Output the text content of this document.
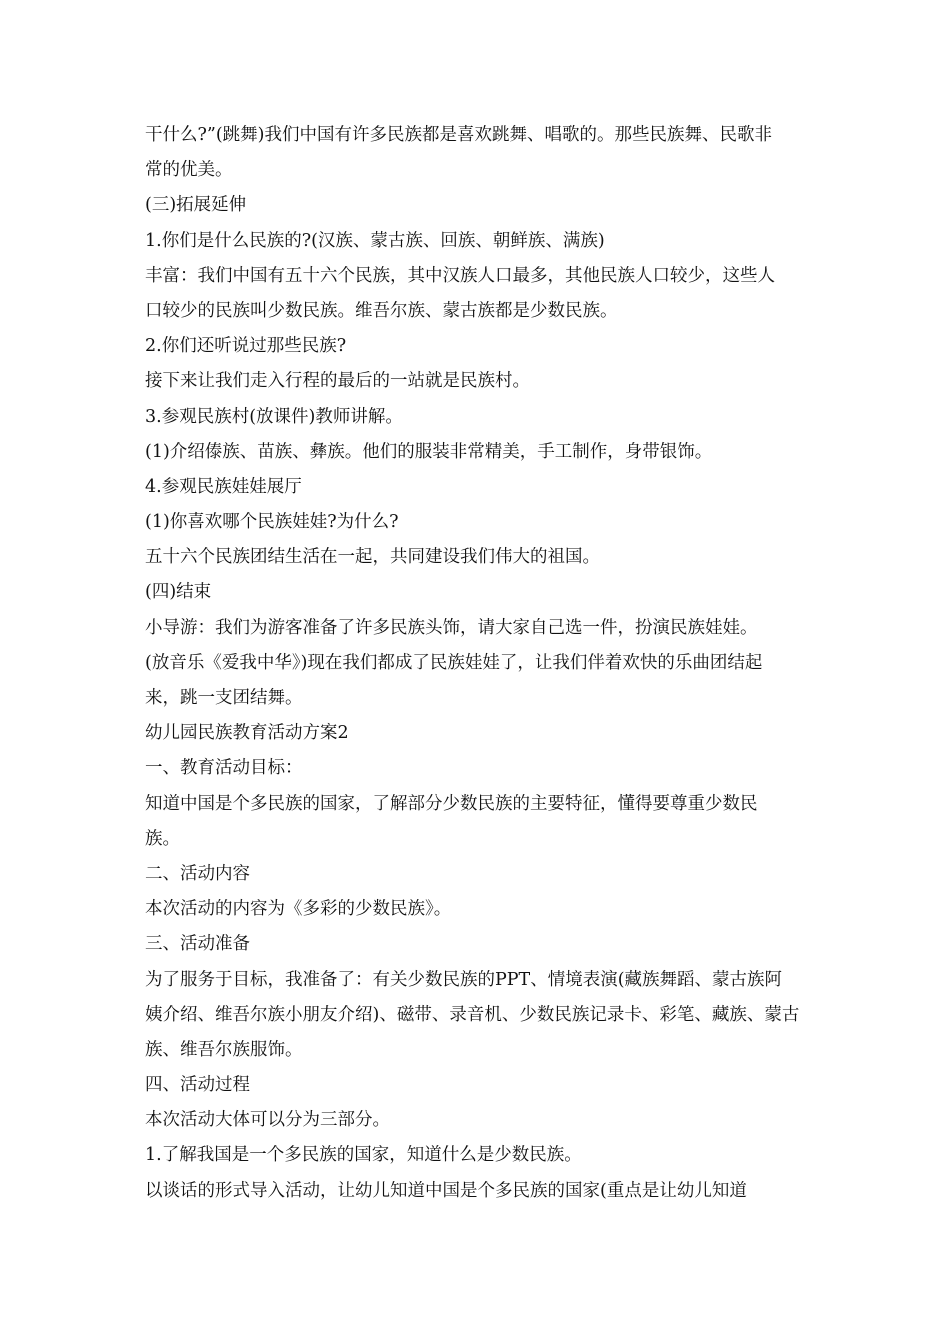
干什么?”(跳舞)我们中国有许多民族都是喜欢跳舞、唱歌的。那些民族舞、民歌非
常的优美。
(三)拓展延伸
1.你们是什么民族的?(汉族、蒙古族、回族、朝鲜族、满族)
丰富：我们中国有五十六个民族，其中汉族人口最多，其他民族人口较少，这些人
口较少的民族叫少数民族。维吾尔族、蒙古族都是少数民族。
2.你们还听说过那些民族?
接下来让我们走入行程的最后的一站就是民族村。
3.参观民族村(放课件)教师讲解。
(1)介绍傣族、苗族、彝族。他们的服装非常精美，手工制作，身带银饰。
4.参观民族娃娃展厅
(1)你喜欢哪个民族娃娃?为什么?
五十六个民族团结生活在一起，共同建设我们伟大的祖国。
(四)结束
小导游：我们为游客准备了许多民族头饰，请大家自己选一件，扮演民族娃娃。
(放音乐《爱我中华》)现在我们都成了民族娃娃了，让我们伴着欢快的乐曲团结起
来，跳一支团结舞。
幼儿园民族教育活动方案2
一、教育活动目标：
知道中国是个多民族的国家，了解部分少数民族的主要特征，懂得要尊重少数民
族。
二、活动内容
本次活动的内容为《多彩的少数民族》。
三、活动准备
为了服务于目标，我准备了：有关少数民族的PPT、情境表演(藏族舞蹈、蒙古族阿
姨介绍、维吾尔族小朋友介绍)、磁带、录音机、少数民族记录卡、彩笔、藏族、蒙古
族、维吾尔族服饰。
四、活动过程
本次活动大体可以分为三部分。
1.了解我国是一个多民族的国家，知道什么是少数民族。
以谈话的形式导入活动，让幼儿知道中国是个多民族的国家(重点是让幼儿知道
